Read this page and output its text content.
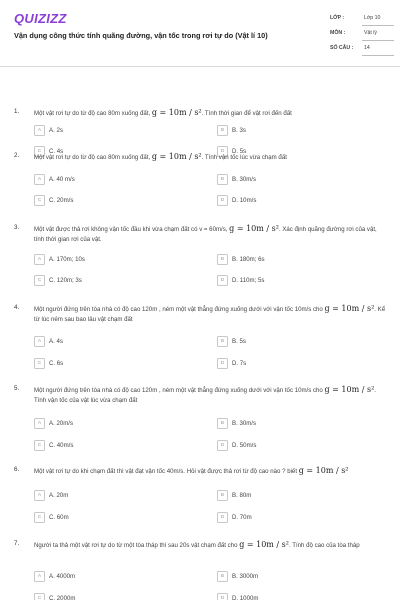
QUIZIZZ
Vận dụng công thức tính quãng đường, vận tốc trong rơi tự do (Vật lí 10)
LỚP :	Lớp 10
MÔN :	Vật lý
SỐ CÂU : 14
1. Một vật rơi tự do từ độ cao 80m xuống đất, g = 10m / s². Tính thời gian để vật rơi đến đất
A	A. 2s	B	B. 3s
C	C. 4s	D	D. 5s
2. Một vật rơi tự do từ độ cao 80m xuống đất, g = 10m / s². Tính vận tốc lúc vừa chạm đất
A	A. 40 m/s	B	B. 30m/s
C	C. 20m/s	D	D. 10m/s
3. Một vật được thả rơi không vận tốc đầu khi vừa chạm đất có v = 60m/s, g = 10m / s². Xác định quãng đường rơi của vật, tính thời gian rơi của vật.
A	A. 170m; 10s	B	B. 180m; 6s
C	C. 120m; 3s	D	D. 110m; 5s
4. Một người đứng trên tòa nhà có độ cao 120m , ném một vật thẳng đứng xuống dưới với vận tốc 10m/s cho g = 10m / s². Kể từ lúc ném sau bao lâu vật chạm đất
A	A. 4s	B	B. 5s
C	C. 6s	D	D. 7s
5. Một người đứng trên tòa nhà có độ cao 120m , ném một vật thẳng đứng xuống dưới với vận tốc 10m/s cho g = 10m / s². Tính vận tốc của vật lúc vừa chạm đất
A	A. 20m/s	B	B. 30m/s
C	C. 40m/s	D	D. 50m/s
6. Một vật rơi tự do khi chạm đất thì vật đạt vận tốc 40m/s. Hỏi vật được thả rơi từ độ cao nào ? biết g = 10m / s²
A	A. 20m	B	B. 80m
C	C. 60m	D	D. 70m
7. Người ta thả một vật rơi tự do từ một tòa tháp thì sau 20s vật chạm đất cho g = 10m / s². Tính độ cao của tòa tháp
A	A. 4000m	B	B. 3000m
C	C. 2000m	D	D. 1000m
